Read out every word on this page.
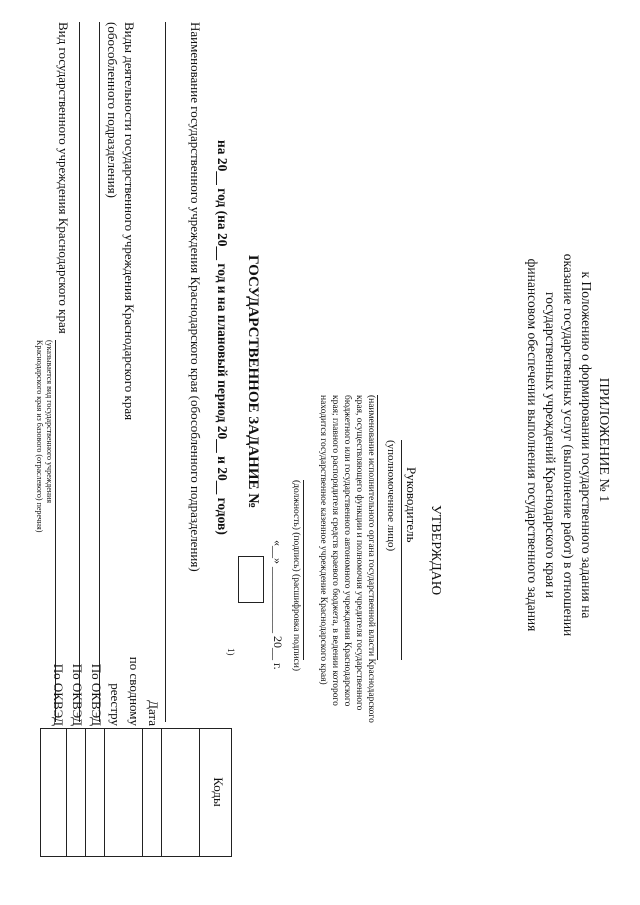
ПРИЛОЖЕНИЕ № 1
к Положению о формировании государственного задания на
оказание государственных услуг (выполнение работ) в отношении
государственных учреждений Краснодарского края и
финансовом обеспечении выполнения государственного задания
УТВЕРЖДАЮ
Руководитель
(уполномоченное лицо)
(наименование исполнительного органа государственной власти Краснодарского
края, осуществляющего функции и полномочия учредителя государственного
бюджетного или государственного автономного учреждения Краснодарского
края; главного распорядителя средств краевого бюджета, в ведении которого
находится государственное казенное учреждение Краснодарского края)
(должность) (подпись) (расшифровка подписи)
«__» ___________ 20__ г.
ГОСУДАРСТВЕННОЕ ЗАДАНИЕ №
на 20__ год (на 20__ год и на плановый период 20__ и 20__ годов)
1)
Наименование государственного учреждения Краснодарского края (обособленного подразделения)
Виды деятельности государственного учреждения Краснодарского края
(обособленного подразделения)
Вид государственного учреждения Краснодарского края
(указывается вид государственного учреждения
Краснодарского края из базового (отраслевого) перечня)
Дата
по сводному
реестру
По ОКВЭД
По ОКВЭД
По ОКВЭД
Коды
